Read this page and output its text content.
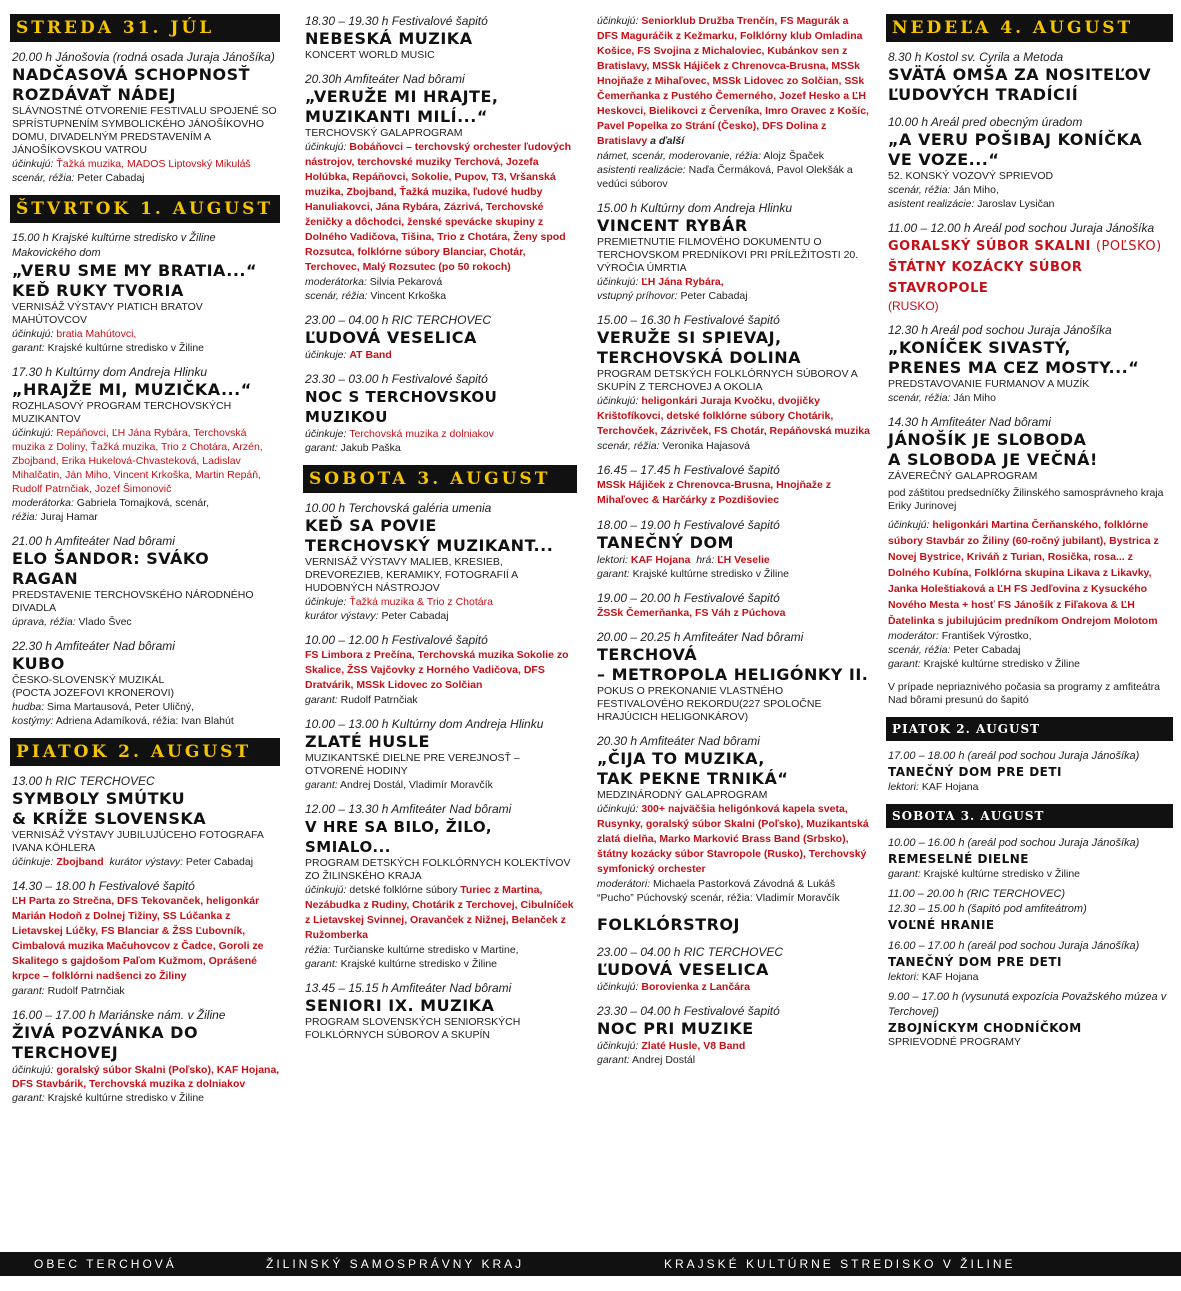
STREDA 31. JÚL
20.00 h Jánošovia (rodná osada Juraja Jánošíka)
NADČASOVÁ SCHOPNOSŤ
ROZDÁVAŤ NÁDEJ
SLÁVNOSTNÉ OTVORENIE FESTIVALU SPOJENÉ SO SPRÍSTUPNENÍM SYMBOLICKÉHO JÁNOŠÍKOVHO DOMU, DIVADELNÝM PREDSTAVENÍM A JÁNOŠÍKOVSKOU VATROU
účinkujú: Ťažká muzika, MADOS Liptovský Mikuláš
scenár, réžia: Peter Cabadaj
ŠTVRTOK 1. AUGUST
15.00 h Krajské kultúrne stredisko v Žiline Makovického dom
„VERU SME MY BRATIA...“
KEĎ RUKY TVORIA
VERNISÁŽ VÝSTAVY PIATICH BRATOV MAHÚTOVCOV
účinkujú: bratia Mahútovci,
garant: Krajské kultúrne stredisko v Žiline
17.30 h Kultúrny dom Andreja Hlinku
„HRAJŽE MI, MUZIČKA...“
ROZHLASOVÝ PROGRAM TERCHOVSKÝCH MUZIKANTOV
účinkujú: Repáňovci, ĽH Jána Rybára, Terchovská muzika z Doliny, Ťažká muzika, Trio z Chotára, Arzén, Zbojband, Erika Hukelová-Chvasteková, Ladislav Mihalčatin, Ján Miho, Vincent Krkoška, Martin Repáň, Rudolf Patrnčiak, Jozef Šimonovič
moderátorka: Gabriela Tomajková, scenár,
réžia: Juraj Hamar
21.00 h Amfiteáter Nad bôrami
ELO ŠANDOR: SVÁKO RAGAN
PREDSTAVENIE TERCHOVSKÉHO NÁRODNÉHO DIVADLA
úprava, réžia: Vlado Švec
22.30 h Amfiteáter Nad bôrami
KUBO
ČESKO-SLOVENSKÝ MUZIKÁL
(POCTA JOZEFOVI KRONEROVI)
hudba: Sima Martausová, Peter Uličný,
kostýmy: Adriena Adamíková, réžia: Ivan Blahút
PIATOK 2. AUGUST
13.00 h RIC TERCHOVEC
SYMBOLY SMÚTKU
& KRÍŽE SLOVENSKA
VERNISÁŽ VÝSTAVY JUBILUJÚCEHO FOTOGRAFA IVANA KÖHLERA
účinkuje: Zbojband kurátor výstavy: Peter Cabadaj
14.30 – 18.00 h Festivalové šapitó
ĽH Parta zo Strečna, DFS Tekovanček, heligonkár Marián Hodoň z Dolnej Tižiny, SS Lúčanka z Lietavskej Lúčky, FS Blanciar & ŽSS Ľubovník, Cimbalová muzika Mačuhovcov z Čadce, Goroli ze Skalitego s gajdošom Paľom Kužmom, Oprášené krpce – folklórni nadšenci zo Žiliny
garant: Rudolf Patrnčiak
16.00 – 17.00 h Mariánske nám. v Žiline
ŽIVÁ POZVÁNKA DO TERCHOVEJ
účinkujú: goralský súbor Skalni (Poľsko), KAF Hojana, DFS Stavbárik, Terchovská muzika z dolniakov
garant: Krajské kultúrne stredisko v Žiline
18.30 – 19.30 h Festivalové šapitó
NEBESKÁ MUZIKA
KONCERT WORLD MUSIC
20.30h Amfiteáter Nad bôrami
„VERUŽE MI HRAJTE,
MUZIKANTI MILÍ...“
TERCHOVSKÝ GALAPROGRAM
účinkujú: Bobáňovci – terchovský orchester ľudových nástrojov, terchovské muziky Terchová, Jozefa Holúbka, Repáňovci, Sokolie, Pupov, T3, Vršanská muzika, Zbojband, Ťažká muzika, ľudové hudby Hanuliakovci, Jána Rybára, Zázrivá, Terchovské ženičky a dôchodci, ženské spevácke skupiny z Dolného Vadičova, Tišina, Trio z Chotára, Ženy spod Rozsutca, folklórne súbory Blanciar, Chotár, Terchovec, Malý Rozsutec (po 50 rokoch)
moderátorka: Silvia Pekarová
scenár, réžia: Vincent Krkoška
23.00 – 04.00 h RIC TERCHOVEC
ĽUDOVÁ VESELICA
účinkuje: AT Band
23.30 – 03.00 h Festivalové šapitó
NOC S TERCHOVSKOU MUZIKOU
účinkuje: Terchovská muzika z dolniakov
garant: Jakub Paška
SOBOTA 3. AUGUST
10.00 h Terchovská galéria umenia
KEĎ SA POVIE
TERCHOVSKÝ MUZIKANT...
VERNISÁŽ VÝSTAVY MALIEB, KRESIEB, DREVOREZIEB, KERAMIKY, FOTOGRAFIÍ A HUDOBNÝCH NÁSTROJOV
účinkuje: Ťažká muzika & Trio z Chotára
kurátor výstavy: Peter Cabadaj
10.00 – 12.00 h Festivalové šapitó
FS Limbora z Prečína, Terchovská muzika Sokolie zo Skalice, ŽSS Vajčovky z Horného Vadičova, DFS Dratvárik, MSSk Lidovec zo Solčian
garant: Rudolf Patrnčiak
10.00 – 13.00 h Kultúrny dom Andreja Hlinku
ZLATÉ HUSLE
MUZIKANTSKÉ DIELNE PRE VEREJNOSŤ – OTVORENÉ HODINY
garant: Andrej Dostál, Vladimír Moravčík
12.00 – 13.30 h Amfiteáter Nad bôrami
V HRE SA BILO, ŽILO, SMIALO...
PROGRAM DETSKÝCH FOLKLÓRNYCH KOLEKTÍVOV ZO ŽILINSKÉHO KRAJA
účinkujú: detské folklórne súbory Turiec z Martina, Nezábudka z Rudiny, Chotárik z Terchovej, Cibulníček z Lietavskej Svinnej, Oravanček z Nižnej, Belanček z Ružomberka
réžia: Turčianske kultúrne stredisko v Martine,
garant: Krajské kultúrne stredisko v Žiline
13.45 – 15.15 h Amfiteáter Nad bôrami
SENIORI IX. MUZIKA
PROGRAM SLOVENSKÝCH SENIORSKÝCH FOLKLÓRNYCH SÚBOROV A SKUPÍN
účinkujú: Seniorklub Družba Trenčín, FS Magurák a DFS Maguráčik z Kežmarku, Folklórny klub Omladina Košice, FS Svojina z Michaloviec, Kubánkov sen z Bratislavy, MSSk Hájiček z Chrenovca-Brusna, MSSk Hnojňaže z Mihaľovec, MSSk Lidovec zo Solčian, SSk Čemerňanka z Pustého Čemerného, Jozef Hesko a ĽH Heskovci, Bielikovci z Červeníka, Imro Oravec z Košíc, Pavel Popelka zo Strání (Česko), DFS Dolina z Bratislavy a ďalší
námet, scenár, moderovanie, réžia: Alojz Špaček
asistenti realizácie: Naďa Čermáková, Pavol Olekšák a vedúci súborov
15.00 h Kultúrny dom Andreja Hlinku
VINCENT RYBÁR
PREMIETNUTIE FILMOVÉHO DOKUMENTU O TERCHOVSKOM PREDNÍKOVI PRI PRÍLEŽITOSTI 20. VÝROČIA ÚMRTIA
účinkujú: ĽH Jána Rybára,
vstupný príhovor: Peter Cabadaj
15.00 – 16.30 h Festivalové šapitó
VERUŽE SI SPIEVAJ,
TERCHOVSKÁ DOLINA
PROGRAM DETSKÝCH FOLKLÓRNYCH SÚBOROV A SKUPÍN Z TERCHOVEJ A OKOLIA
účinkujú: heligonkári Juraja Kvočku, dvojičky Krištofíkovci, detské folklórne súbory Chotárik, Terchovček, Zázrivček, FS Chotár, Repáňovská muzika
scenár, réžia: Veronika Hajasová
16.45 – 17.45 h Festivalové šapitó
MSSk Hájiček z Chrenovca-Brusna, Hnojňaže z Mihaľovec & Harčárky z Pozdišoviec
18.00 – 19.00 h Festivalové šapitó
TANEČNÝ DOM
lektori: KAF Hojana hrá: ĽH Veselie
garant: Krajské kultúrne stredisko v Žiline
19.00 – 20.00 h Festivalové šapitó
ŽSSk Čemerňanka, FS Váh z Púchova
20.00 – 20.25 h Amfiteáter Nad bôrami
TERCHOVÁ
– METROPOLA HELIGÓNKY II.
POKUS O PREKONANIE VLASTNÉHO FESTIVALOVÉHO REKORDU(227 SPOLOČNE HRAJÚCICH HELIGONKÁROV)
20.30 h Amfiteáter Nad bôrami
„ČIJA TO MUZIKA,
TAK PEKNE TRNIKÁ“
MEDZINÁRODNÝ GALAPROGRAM
účinkujú: 300+ najväčšia heligónková kapela sveta, Rusynky, goralský súbor Skalni (Poľsko), Muzikantská zlatá dielňa, Marko Marković Brass Band (Srbsko), štátny kozácky súbor Stavropole (Rusko), Terchovský symfonický orchester
moderátori: Michaela Pastorková Závodná & Lukáš “Pucho” Púchovský scenár, réžia: Vladimír Moravčík
FOLKLÓRSTROJ
23.00 – 04.00 h RIC TERCHOVEC
ĽUDOVÁ VESELICA
účinkujú: Borovienka z Lančára
23.30 – 04.00 h Festivalové šapitó
NOC PRI MUZIKE
účinkujú: Zlaté Husle, V8 Band
garant: Andrej Dostál
NEDEĽA 4. AUGUST
8.30 h Kostol sv. Cyrila a Metoda
SVÄTÁ OMŠA ZA NOSITEĽOV
ĽUDOVÝCH TRADÍCIÍ
10.00 h Areál pred obecným úradom
„A VERU POŠIBAJ KONÍČKA
VE VOZE...“
52. KONSKÝ VOZOVÝ SPRIEVOD
scenár, réžia: Ján Miho,
asistent realizácie: Jaroslav Lysičan
11.00 – 12.00 h Areál pod sochou Juraja Jánošíka
GORALSKÝ SÚBOR SKALNI (POĽSKO)
ŠTÁTNY KOZÁCKY SÚBOR STAVROPOLE
(RUSKO)
12.30 h Areál pod sochou Juraja Jánošíka
„KONÍČEK SIVASTÝ,
PRENES MA CEZ MOSTY...“
PREDSTAVOVANIE FURMANOV A MUZÍK
scenár, réžia: Ján Miho
14.30 h Amfiteáter Nad bôrami
JÁNOŠÍK JE SLOBODA
A SLOBODA JE VEČNÁ!
ZÁVEREČNÝ GALAPROGRAM
pod záštitou predsedníčky Žilinského samosprávneho kraja Eriky Jurinovej
účinkujú: heligonkári Martina Čerňanského, folklórne súbory Stavbár zo Žiliny (60-ročný jubilant), Bystrica z Novej Bystrice, Kriváň z Turian, Rosička, rosa... z Dolného Kubína, Folklórna skupina Likava z Likavky, Janka Holeštiaková a ĽH FS Jedľovina z Kysuckého Nového Mesta + hosť FS Jánošík z Fiľakova & ĽH Ďatelinka s jubilujúcim predníkom Ondrejom Molotom
moderátor: František Výrostko,
scenár, réžia: Peter Cabadaj
garant: Krajské kultúrne stredisko v Žiline
V prípade nepriaznivého počasia sa programy z amfiteátra Nad bôrami presunú do šapitó
PIATOK 2. AUGUST
17.00 – 18.00 h (areál pod sochou Juraja Jánošíka)
TANEČNÝ DOM PRE DETI
lektori: KAF Hojana
SOBOTA 3. AUGUST
10.00 – 16.00 h (areál pod sochou Juraja Jánošíka)
REMESELNÉ DIELNE
garant: Krajské kultúrne stredisko v Žiline
11.00 – 20.00 h (RIC TERCHOVEC)
12.30 – 15.00 h (šapitó pod amfiteátrom)
VOĽNÉ HRANIE
16.00 – 17.00 h (areál pod sochou Juraja Jánošíka)
TANEČNÝ DOM PRE DETI
lektori: KAF Hojana
9.00 – 17.00 h (vysunutá expozícia Považského múzea v Terchovej)
ZBOJNÍCKYM CHODNÍČKOM
SPRIEVODNÉ PROGRAMY
OBEC TERCHOVÁ	ŽILINSKÝ SAMOSPRÁVNY KRAJ	KRAJSKÉ KULTÚRNE STREDISKO V ŽILINE
